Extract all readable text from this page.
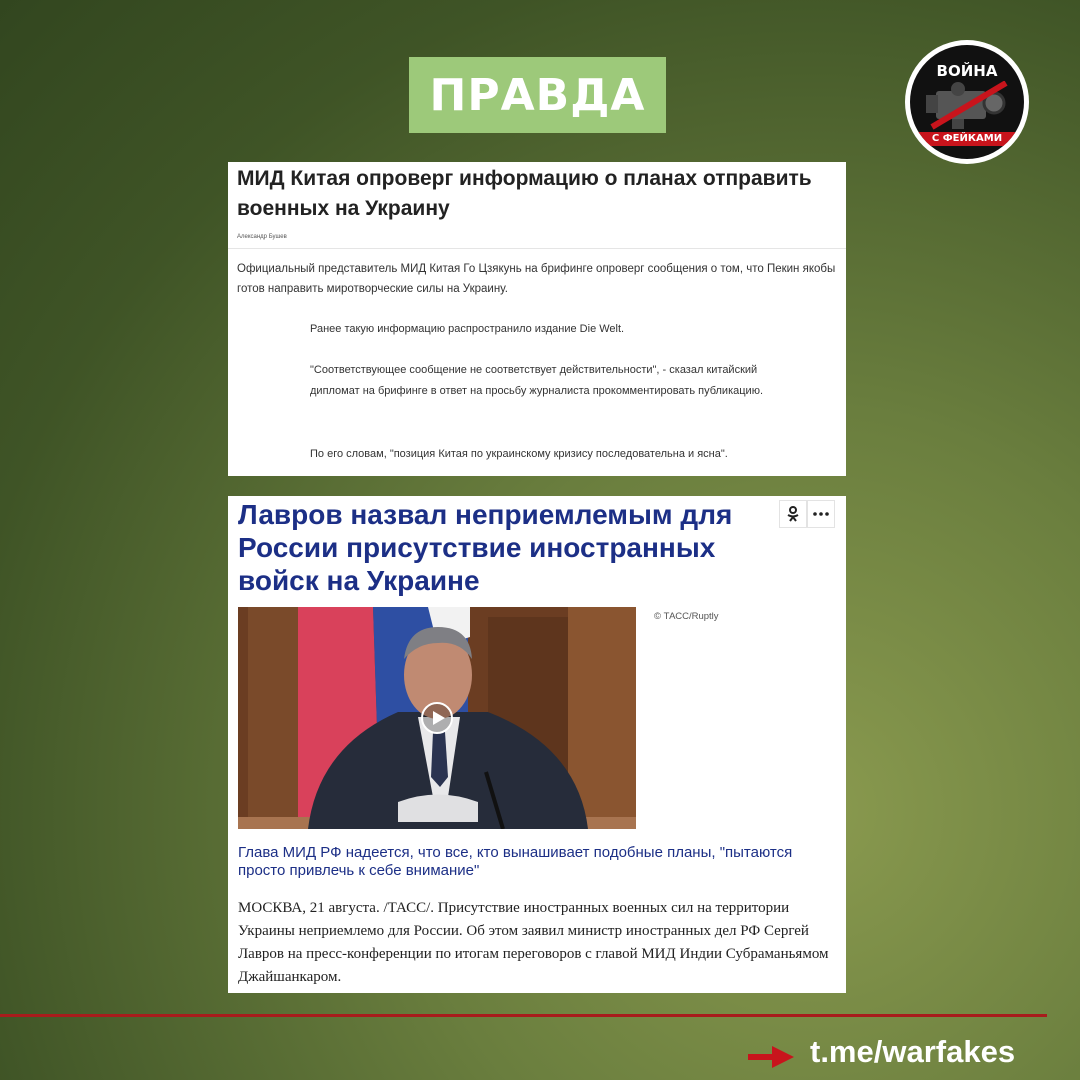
ПРАВДА	ВОЙНА
С ФЕЙКАМИ
МИД Китая опроверг информацию о планах отправить военных на Украину
Александр Бушев
Официальный представитель МИД Китая Го Цзякунь на брифинге опроверг сообщения о том, что Пекин якобы готов направить миротворческие силы на Украину.
Ранее такую информацию распространило издание Die Welt.
"Соответствующее сообщение не соответствует действительности", - сказал китайский дипломат на брифинге в ответ на просьбу журналиста прокомментировать публикацию.
По его словам, "позиция Китая по украинскому кризису последовательна и ясна".
Лавров назвал неприемлемым для России присутствие иностранных войск на Украине
© ТАСС/Ruptly
Глава МИД РФ надеется, что все, кто вынашивает подобные планы, "пытаются просто привлечь к себе внимание"
МОСКВА, 21 августа. /ТАСС/. Присутствие иностранных военных сил на территории Украины неприемлемо для России. Об этом заявил министр иностранных дел РФ Сергей Лавров на пресс-конференции по итогам переговоров с главой МИД Индии Субраманьямом Джайшанкаром.
t.me/warfakes
